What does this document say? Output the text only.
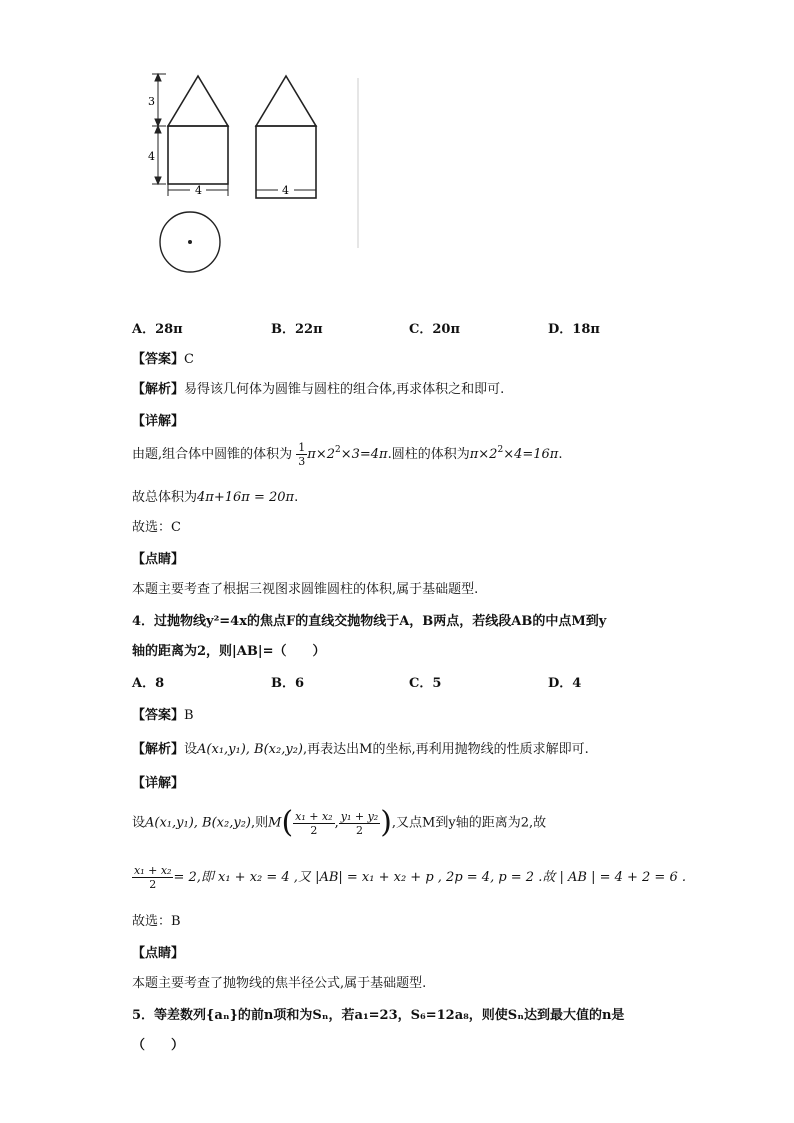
3
4
4	4
A．28π	B．22π	C．20π	D．18π
【答案】C
【解析】易得该几何体为圆锥与圆柱的组合体,再求体积之和即可.
【详解】
由题,组合体中圆锥的体积为 $\frac{1}{3} \pi\times 2^2\times 3=4\pi$.圆柱的体积为$\pi\times 2^2\times 4=16\pi$.
故总体积为4π+16π = 20π.
故选：C
【点睛】
本题主要考查了根据三视图求圆锥圆柱的体积,属于基础题型.
4．过抛物线y²=4x的焦点F的直线交抛物线于A，B两点，若线段AB的中点M到y
轴的距离为2，则|AB|=（　　）
A．8	B．6	C．5	D．4
【答案】B
【解析】设A(x₁,y₁), B(x₂,y₂),再表达出M的坐标,再利用抛物线的性质求解即可.
【详解】
设A(x₁,y₁), B(x₂,y₂),则$M( \frac{\text{x₁ + x₂}}{2}$ , $\frac{\text{y₁ + y₂}}{2}$ ),又点M到y轴的距离为2,故
$\frac{\text{x₁ + x₂}}{2} = 2$,即 x₁ + x₂ = 4 ,又 |AB| = x₁ + x₂ + p , 2p = 4, p = 2 .故 | AB | = 4 + 2 = 6 .
故选：B
【点睛】
本题主要考查了抛物线的焦半径公式,属于基础题型.
5．等差数列{aₙ}的前n项和为Sₙ，若a₁=23，S₆=12a₈，则使Sₙ达到最大值的n是
（　　）
